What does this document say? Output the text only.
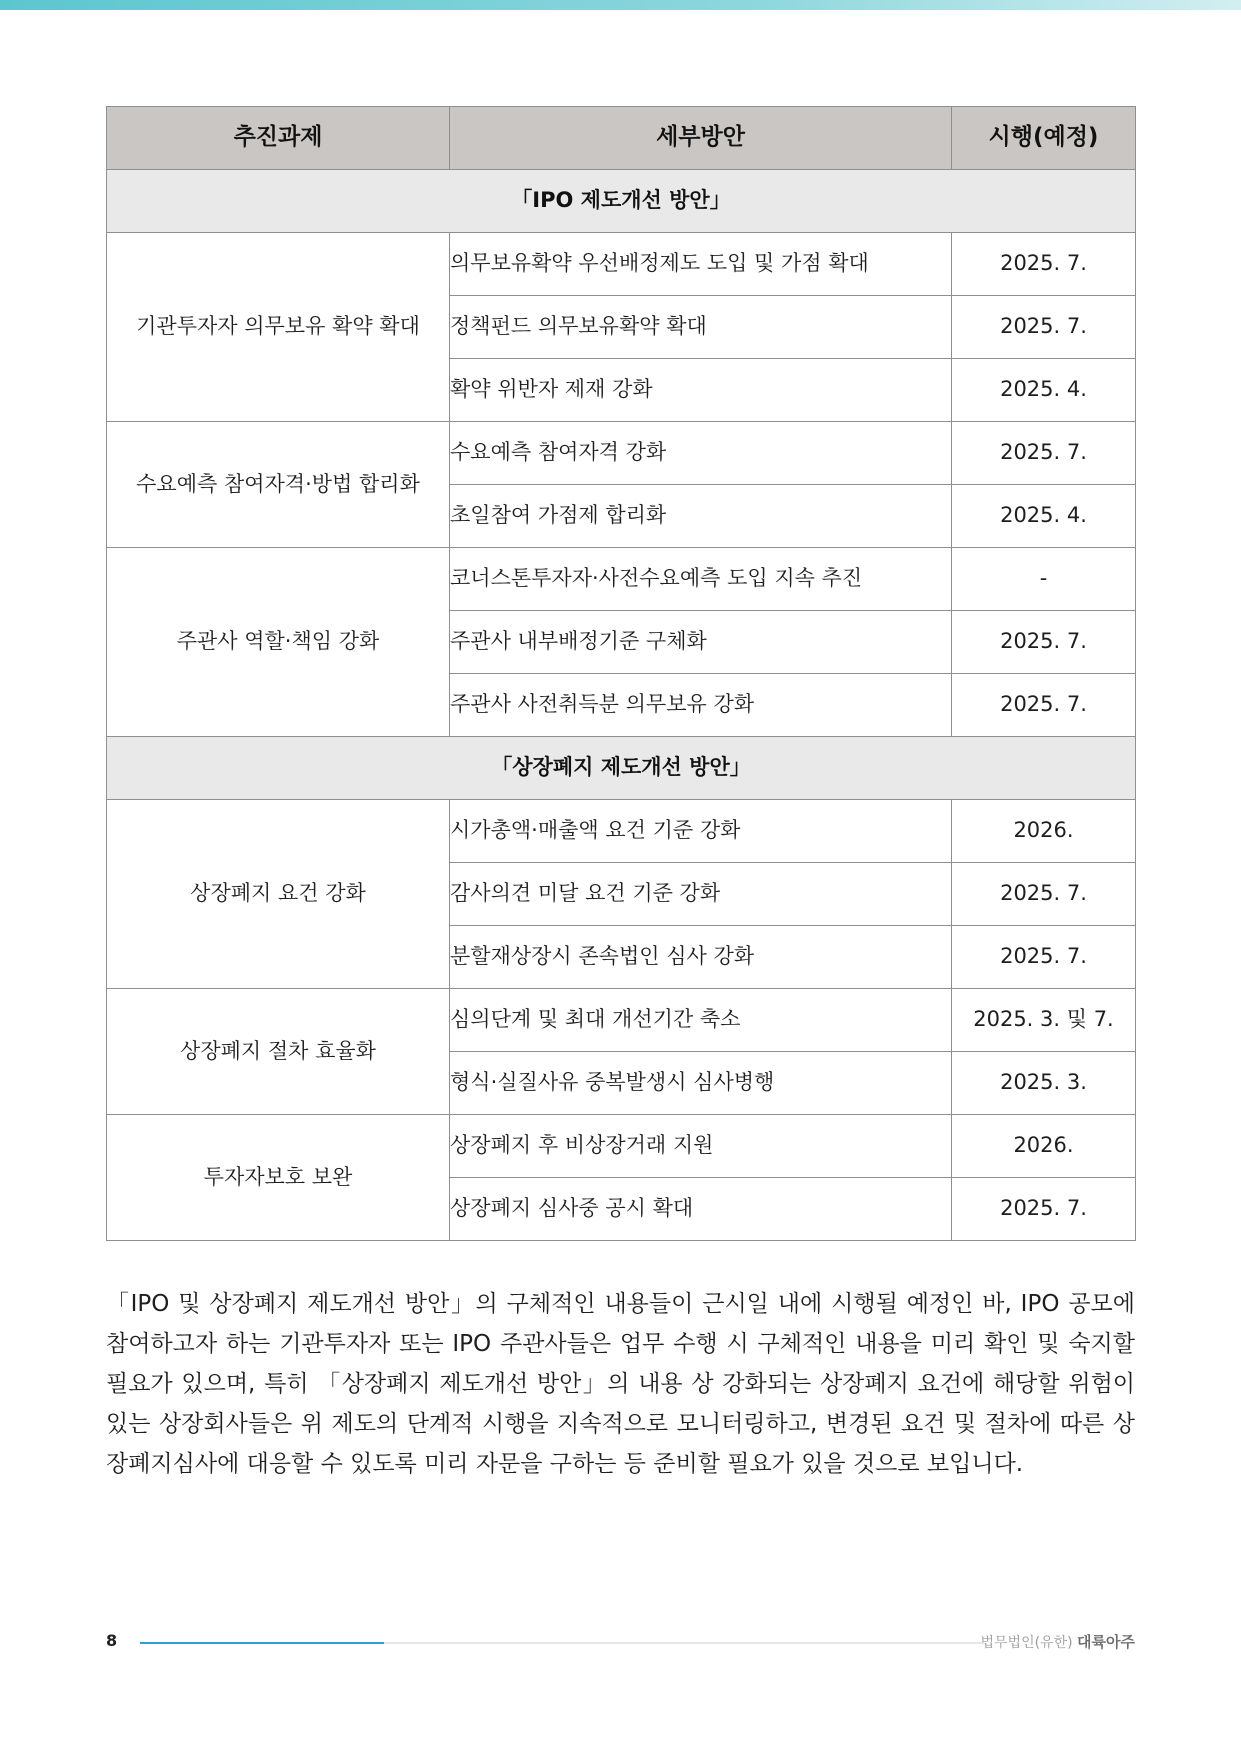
추진과제	세부방안	시행(예정)
「IPO 제도개선 방안」		
기관투자자 의무보유 확약 확대	의무보유확약 우선배정제도 도입 및 가점 확대	2025. 7.
	정책펀드 의무보유확약 확대	2025. 7.
	확약 위반자 제재 강화	2025. 4.
수요예측 참여자격·방법 합리화	수요예측 참여자격 강화	2025. 7.
	초일참여 가점제 합리화	2025. 4.
주관사 역할·책임 강화	코너스톤투자자·사전수요예측 도입 지속 추진	-
	주관사 내부배정기준 구체화	2025. 7.
	주관사 사전취득분 의무보유 강화	2025. 7.
「상장폐지 제도개선 방안」		
상장폐지 요건 강화	시가총액·매출액 요건 기준 강화	2026.
	감사의견 미달 요건 기준 강화	2025. 7.
	분할재상장시 존속법인 심사 강화	2025. 7.
상장폐지 절차 효율화	심의단계 및 최대 개선기간 축소	2025. 3. 및 7.
	형식·실질사유 중복발생시 심사병행	2025. 3.
투자자보호 보완	상장폐지 후 비상장거래 지원	2026.
	상장폐지 심사중 공시 확대	2025. 7.

「IPO 및 상장폐지 제도개선 방안」의 구체적인 내용들이 근시일 내에 시행될 예정인 바, IPO 공모에 참여하고자 하는 기관투자자 또는 IPO 주관사들은 업무 수행 시 구체적인 내용을 미리 확인 및 숙지할 필요가 있으며, 특히 「상장폐지 제도개선 방안」의 내용 상 강화되는 상장폐지 요건에 해당할 위험이 있는 상장회사들은 위 제도의 단계적 시행을 지속적으로 모니터링하고, 변경된 요건 및 절차에 따른 상장폐지심사에 대응할 수 있도록 미리 자문을 구하는 등 준비할 필요가 있을 것으로 보입니다.

8	법무법인(유한) 대륙아주
